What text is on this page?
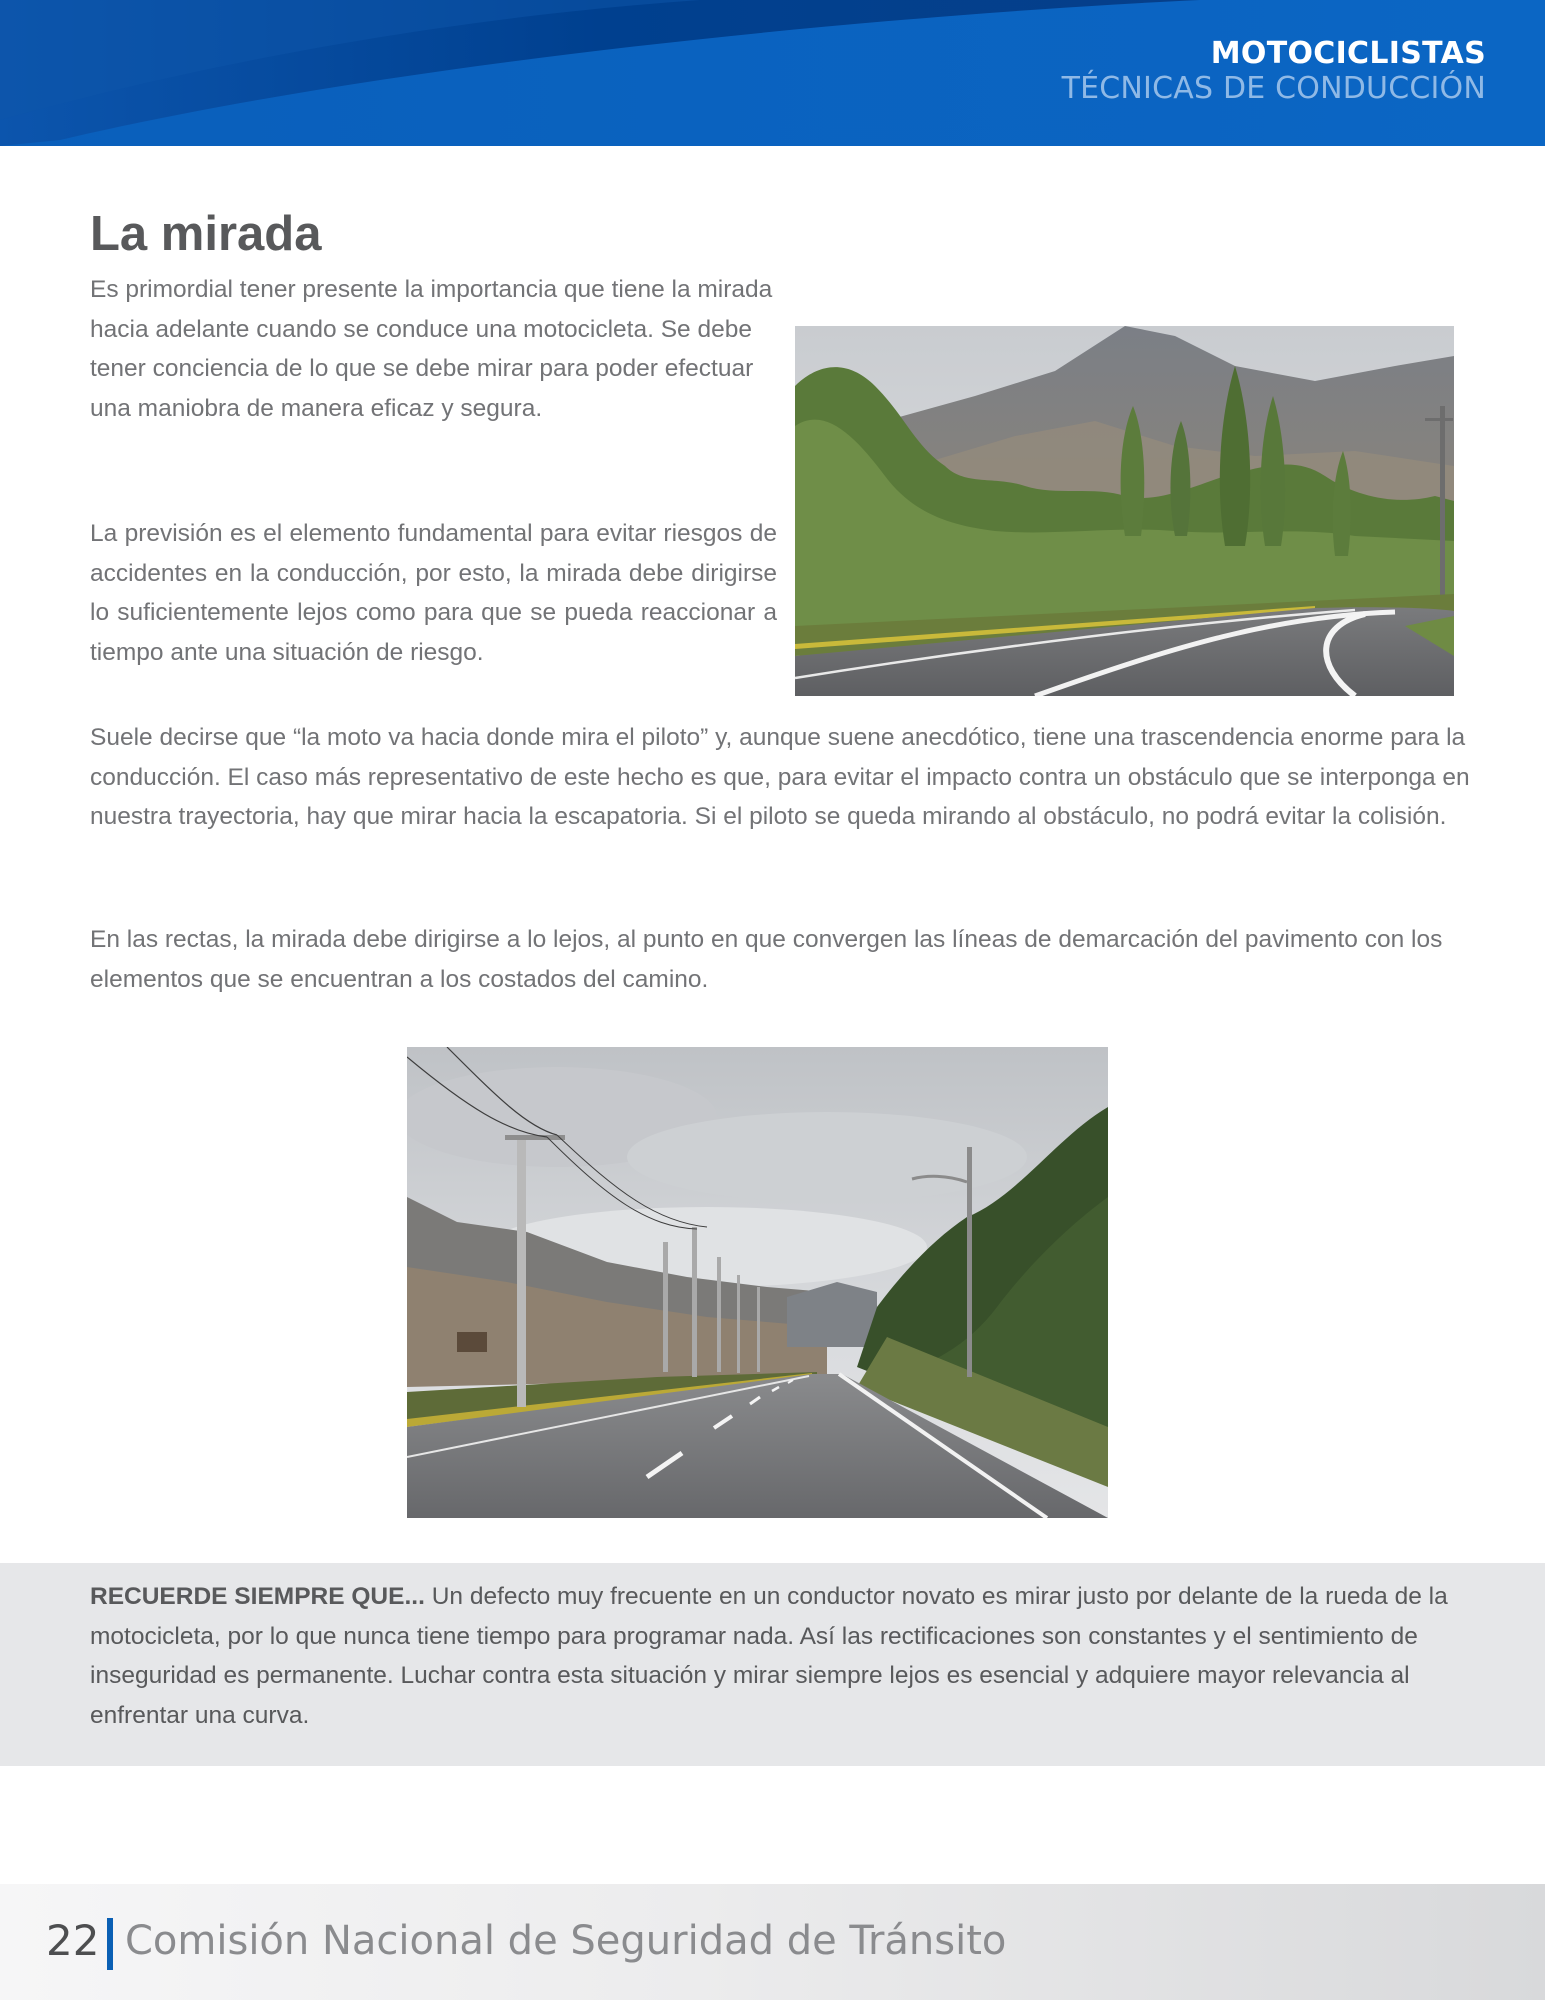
MOTOCICLISTAS
TÉCNICAS DE CONDUCCIÓN
La mirada

Es primordial tener presente la importancia que tiene la mirada hacia adelante cuando se conduce una motocicleta. Se debe tener conciencia de lo que se debe mirar para poder efectuar una maniobra de manera eficaz y segura.

La previsión es el elemento fundamental para evitar riesgos de accidentes en la conducción, por esto, la mirada debe dirigirse lo suficientemente lejos como para que se pueda reaccionar a tiempo ante una situación de riesgo.

Suele decirse que “la moto va hacia donde mira el piloto” y, aunque suene anecdótico, tiene una trascendencia enorme para la conducción. El caso más representativo de este hecho es que, para evitar el impacto contra un obstáculo que se interponga en nuestra trayectoria, hay que mirar hacia la escapatoria. Si el piloto se queda mirando al obstáculo, no podrá evitar la colisión.

En las rectas, la mirada debe dirigirse a lo lejos, al punto en que convergen las líneas de demarcación del pavimento con los elementos que se encuentran a los costados del camino.

RECUERDE SIEMPRE QUE... Un defecto muy frecuente en un conductor novato es mirar justo por delante de la rueda de la motocicleta, por lo que nunca tiene tiempo para programar nada. Así las rectificaciones son constantes y el sentimiento de inseguridad es permanente. Luchar contra esta situación y mirar siempre lejos es esencial y adquiere mayor relevancia al enfrentar una curva.

22 Comisión Nacional de Seguridad de Tránsito
